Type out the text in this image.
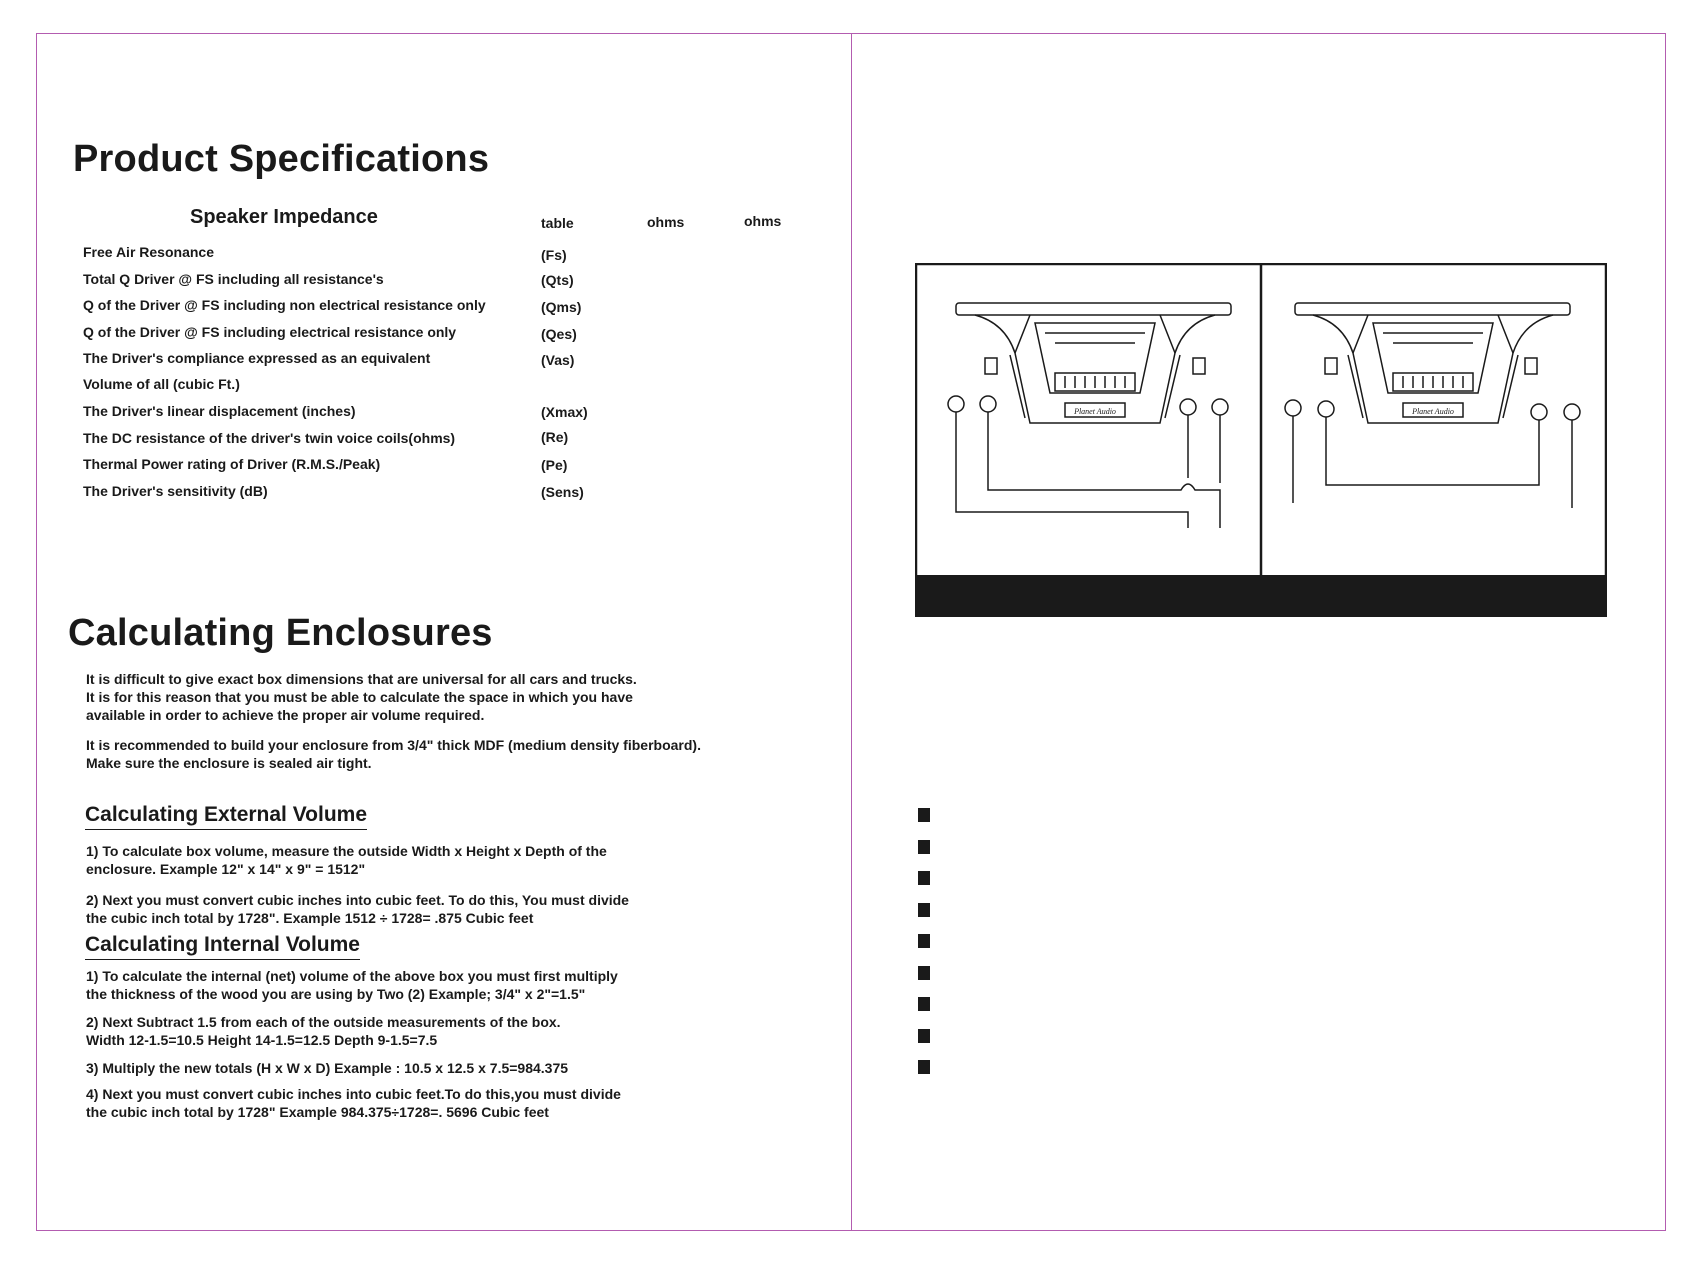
Product Specifications
Speaker Impedance	table	ohms	ohms
Free Air Resonance	(Fs)
Total Q Driver @ FS including all resistance's	(Qts)
Q of the Driver @ FS including non electrical resistance only	(Qms)
Q of the Driver @ FS including electrical resistance only	(Qes)
The Driver's compliance expressed as an equivalent	(Vas)
Volume of all (cubic Ft.)
The Driver's linear displacement (inches)	(Xmax)
The DC resistance of the driver's twin voice coils(ohms)	(Re)
Thermal Power rating of Driver (R.M.S./Peak)	(Pe)
The Driver's sensitivity (dB)	(Sens)
Calculating Enclosures

It is difficult to give exact box dimensions that are universal for all cars and trucks.

It is for this reason that you must be able to calculate the space in which you have

available in order to achieve the proper air volume required.

It is recommended to build your enclosure from 3/4" thick MDF (medium density fiberboard).

Make sure the enclosure is sealed air tight.

Calculating External Volume

1) To calculate box volume, measure the outside Width x Height x Depth of the

enclosure. Example 12" x 14" x 9" = 1512"

2) Next you must convert cubic inches into cubic feet. To do this, You must divide

the cubic inch total by 1728". Example 1512 ÷ 1728= .875 Cubic feet

Calculating Internal Volume

1) To calculate the internal (net) volume of the above box you must first multiply

the thickness of the wood you are using by Two (2) Example; 3/4" x 2"=1.5"

2) Next Subtract 1.5 from each of the outside measurements of the box.

Width 12-1.5=10.5 Height 14-1.5=12.5 Depth 9-1.5=7.5

3) Multiply the new totals (H x W x D) Example : 10.5 x 12.5 x 7.5=984.375

4) Next you must convert cubic inches into cubic feet.To do this,you must divide

the cubic inch total by 1728" Example 984.375÷1728=. 5696 Cubic feet

Planet Audio	Planet Audio
